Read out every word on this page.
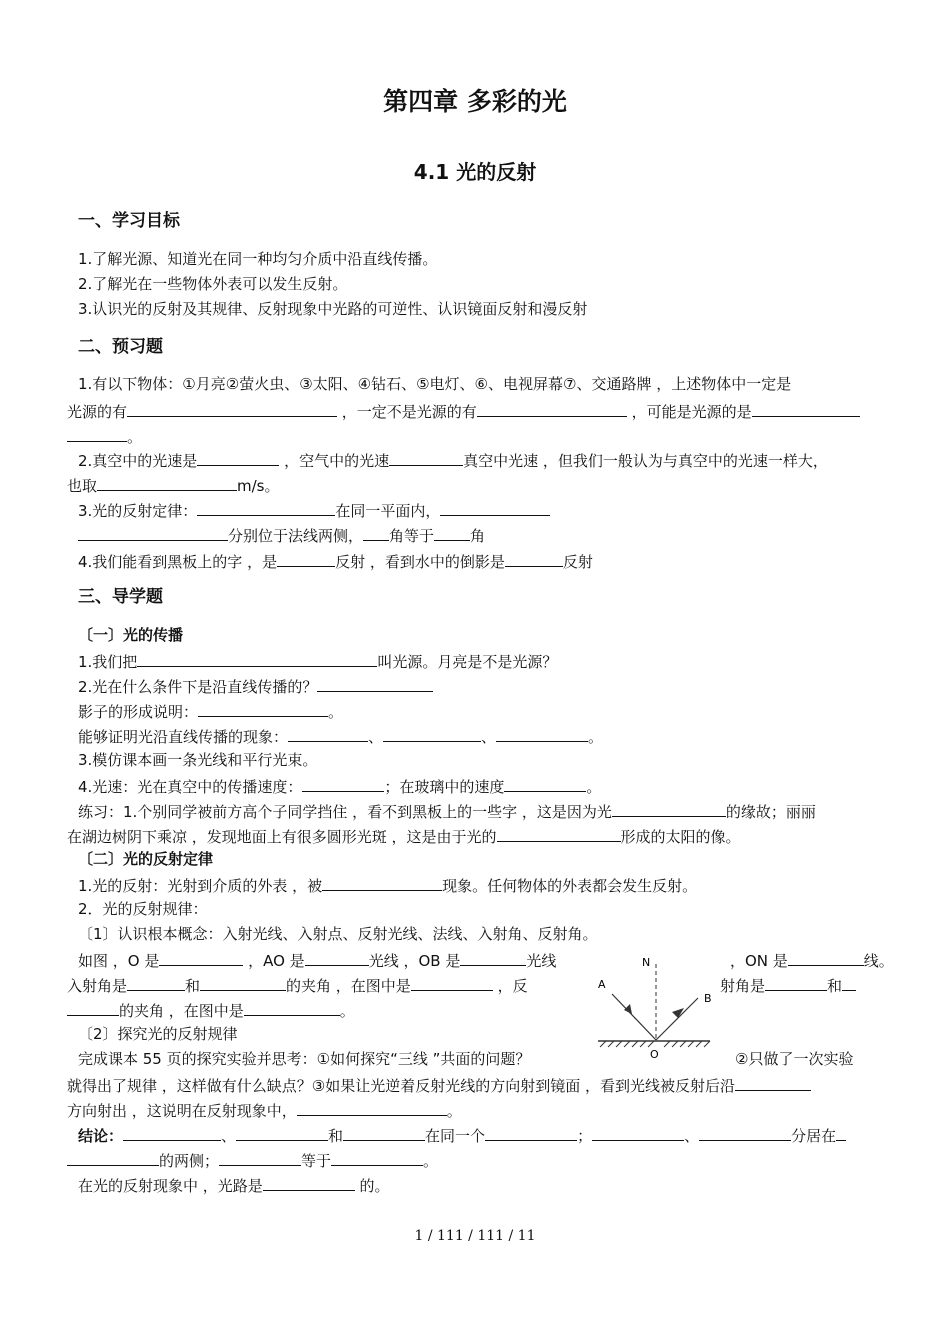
第四章 多彩的光
4.1 光的反射
一、学习目标
1.了解光源、知道光在同一种均匀介质中沿直线传播。
2.了解光在一些物体外表可以发生反射。
3.认识光的反射及其规律、反射现象中光路的可逆性、认识镜面反射和漫反射
二、预习题
1.有以下物体：①月亮②萤火虫、③太阳、④钻石、⑤电灯、⑥、电视屏幕⑦、交通路牌 ，上述物体中一定是
光源的有	，一定不是光源的有	，可能是光源的是
。
2.真空中的光速是	，空气中的光速	真空中光速 ，但我们一般认为与真空中的光速一样大，
也取	m/s。
3.光的反射定律：	在同一平面内，
分别位于法线两侧， 角等于 角
4.我们能看到黑板上的字 ，是	反射 ，看到水中的倒影是	反射
三、导学题
〔一〕光的传播
1.我们把	叫光源。月亮是不是光源？
2.光在什么条件下是沿直线传播的？
影子的形成说明：	。
能够证明光沿直线传播的现象：	、	、	。
3.模仿课本画一条光线和平行光束。
4.光速：光在真空中的传播速度：	；在玻璃中的速度	。
练习：1.个别同学被前方高个子同学挡住 ，看不到黑板上的一些字 ，这是因为光	的缘故；丽丽
在湖边树阴下乘凉 ，发现地面上有很多圆形光斑 ，这是由于光的	形成的太阳的像。
〔二〕光的反射定律
1.光的反射：光射到介质的外表 ，被	现象。任何物体的外表都会发生反射。
2．光的反射规律：
〔1〕认识根本概念：入射光线、入射点、反射光线、法线、入射角、反射角。
如图 ，O 是	，AO 是	光线 ，OB 是	光线	，ON 是	线。
入射角是	和	的夹角 ，在图中是	，反	射角是	和
的夹角 ，在图中是	。
〔2〕探究光的反射规律
完成课本 55 页的探究实验并思考：①如何探究“三线 ”共面的问题？	②只做了一次实验
就得出了规律 ，这样做有什么缺点？③如果让光逆着反射光线的方向射到镜面 ，看到光线被反射后沿
方向射出 ，这说明在反射现象中，	。
结论：	、	和	在同一个	；	、	分居在
的两侧；	等于	。
在光的反射现象中 ，光路是	的。
N
A
B
O
1 / 111 / 111 / 11
